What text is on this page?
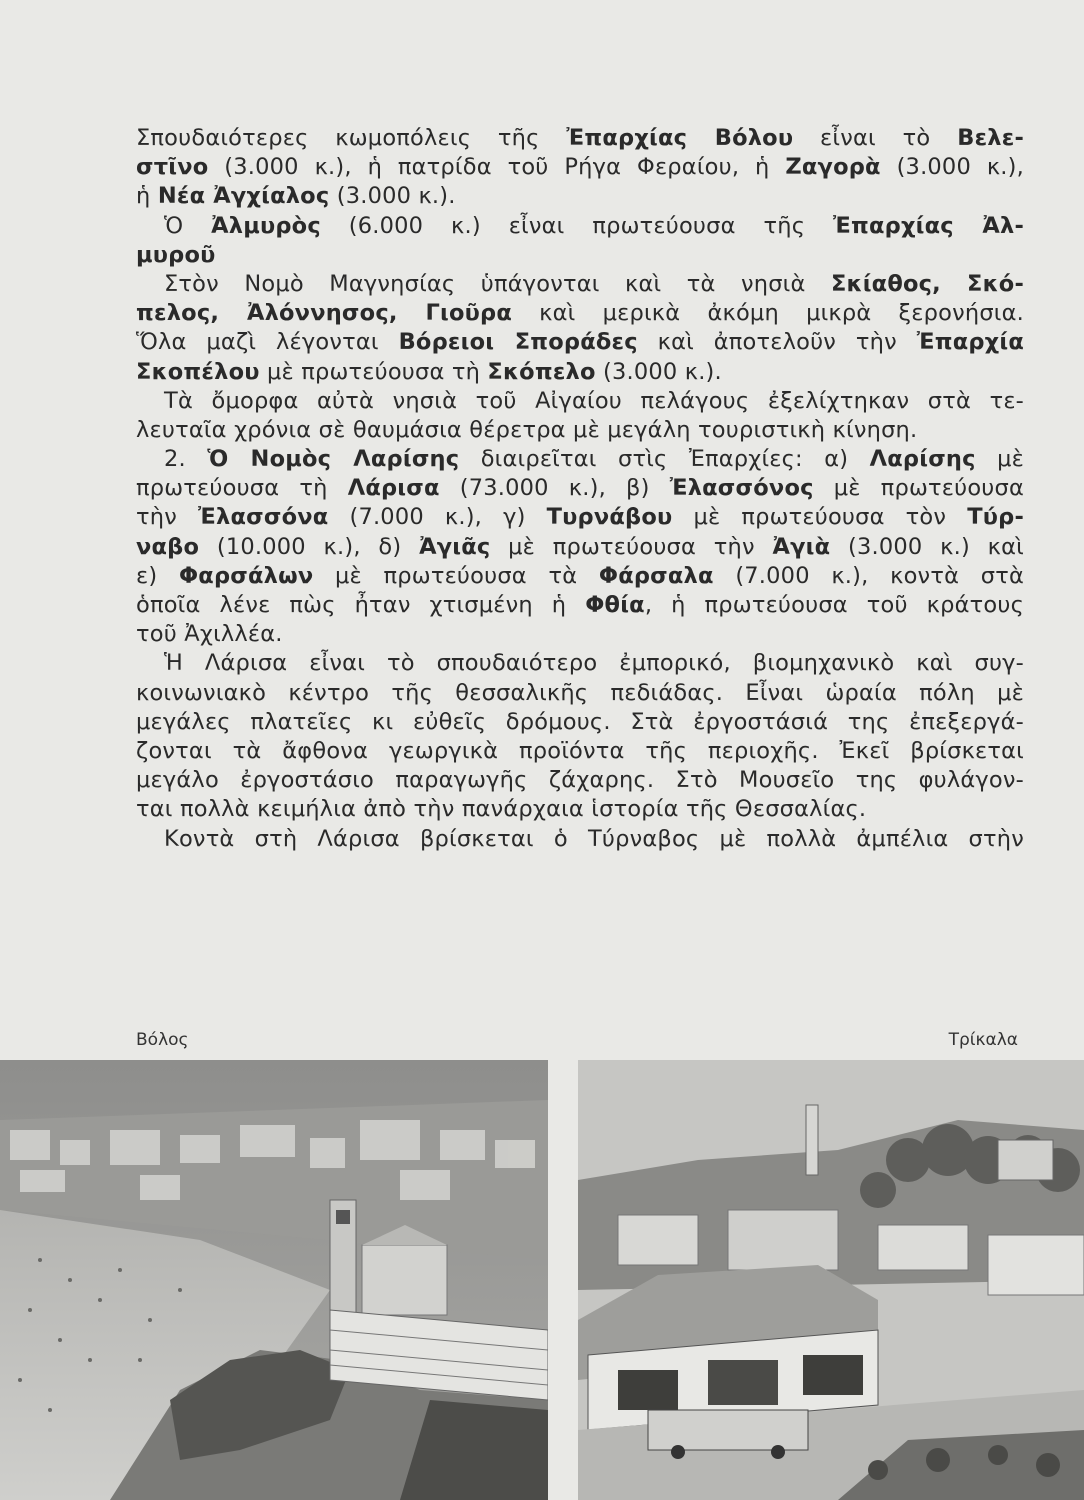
Σπουδαιότερες κωμοπόλεις τῆς Ἐπαρχίας Βόλου εἶναι τὸ Βελε-
στῖνο (3.000 κ.), ἡ πατρίδα τοῦ Ρήγα Φεραίου, ἡ Ζαγορὰ (3.000 κ.),
ἡ Νέα Ἀγχίαλος (3.000 κ.).
Ὁ Ἀλμυρὸς (6.000 κ.) εἶναι πρωτεύουσα τῆς Ἐπαρχίας Ἀλ-
μυροῦ
Στὸν Νομὸ Μαγνησίας ὑπάγονται καὶ τὰ νησιὰ Σκίαθος, Σκό-
πελος, Ἀλόννησος, Γιοῦρα καὶ μερικὰ ἀκόμη μικρὰ ξερονήσια.
Ὅλα μαζὶ λέγονται Βόρειοι Σποράδες καὶ ἀποτελοῦν τὴν Ἐπαρχία
Σκοπέλου μὲ πρωτεύουσα τὴ Σκόπελο (3.000 κ.).
Τὰ ὄμορφα αὐτὰ νησιὰ τοῦ Αἰγαίου πελάγους ἐξελίχτηκαν στὰ τε-
λευταῖα χρόνια σὲ θαυμάσια θέρετρα μὲ μεγάλη τουριστικὴ κίνηση.
2. Ὁ Νομὸς Λαρίσης διαιρεῖται στὶς Ἐπαρχίες: α) Λαρίσης μὲ
πρωτεύουσα τὴ Λάρισα (73.000 κ.), β) Ἐλασσόνος μὲ πρωτεύουσα
τὴν Ἐλασσόνα (7.000 κ.), γ) Τυρνάβου μὲ πρωτεύουσα τὸν Τύρ-
ναβο (10.000 κ.), δ) Ἀγιᾶς μὲ πρωτεύουσα τὴν Ἀγιὰ (3.000 κ.) καὶ
ε) Φαρσάλων μὲ πρωτεύουσα τὰ Φάρσαλα (7.000 κ.), κοντὰ στὰ
ὁποῖα λένε πὼς ἦταν χτισμένη ἡ Φθία, ἡ πρωτεύουσα τοῦ κράτους
τοῦ Ἀχιλλέα.
Ἡ Λάρισα εἶναι τὸ σπουδαιότερο ἐμπορικό, βιομηχανικὸ καὶ συγ-
κοινωνιακὸ κέντρο τῆς θεσσαλικῆς πεδιάδας. Εἶναι ὡραία πόλη μὲ
μεγάλες πλατεῖες κι εὐθεῖς δρόμους. Στὰ ἐργοστάσιά της ἐπεξεργά-
ζονται τὰ ἄφθονα γεωργικὰ προϊόντα τῆς περιοχῆς. Ἐκεῖ βρίσκεται
μεγάλο ἐργοστάσιο παραγωγῆς ζάχαρης. Στὸ Μουσεῖο της φυλάγον-
ται πολλὰ κειμήλια ἀπὸ τὴν πανάρχαια ἱστορία τῆς Θεσσαλίας.
Κοντὰ στὴ Λάρισα βρίσκεται ὁ Τύρναβος μὲ πολλὰ ἀμπέλια στὴν
Βόλος	Τρίκαλα
